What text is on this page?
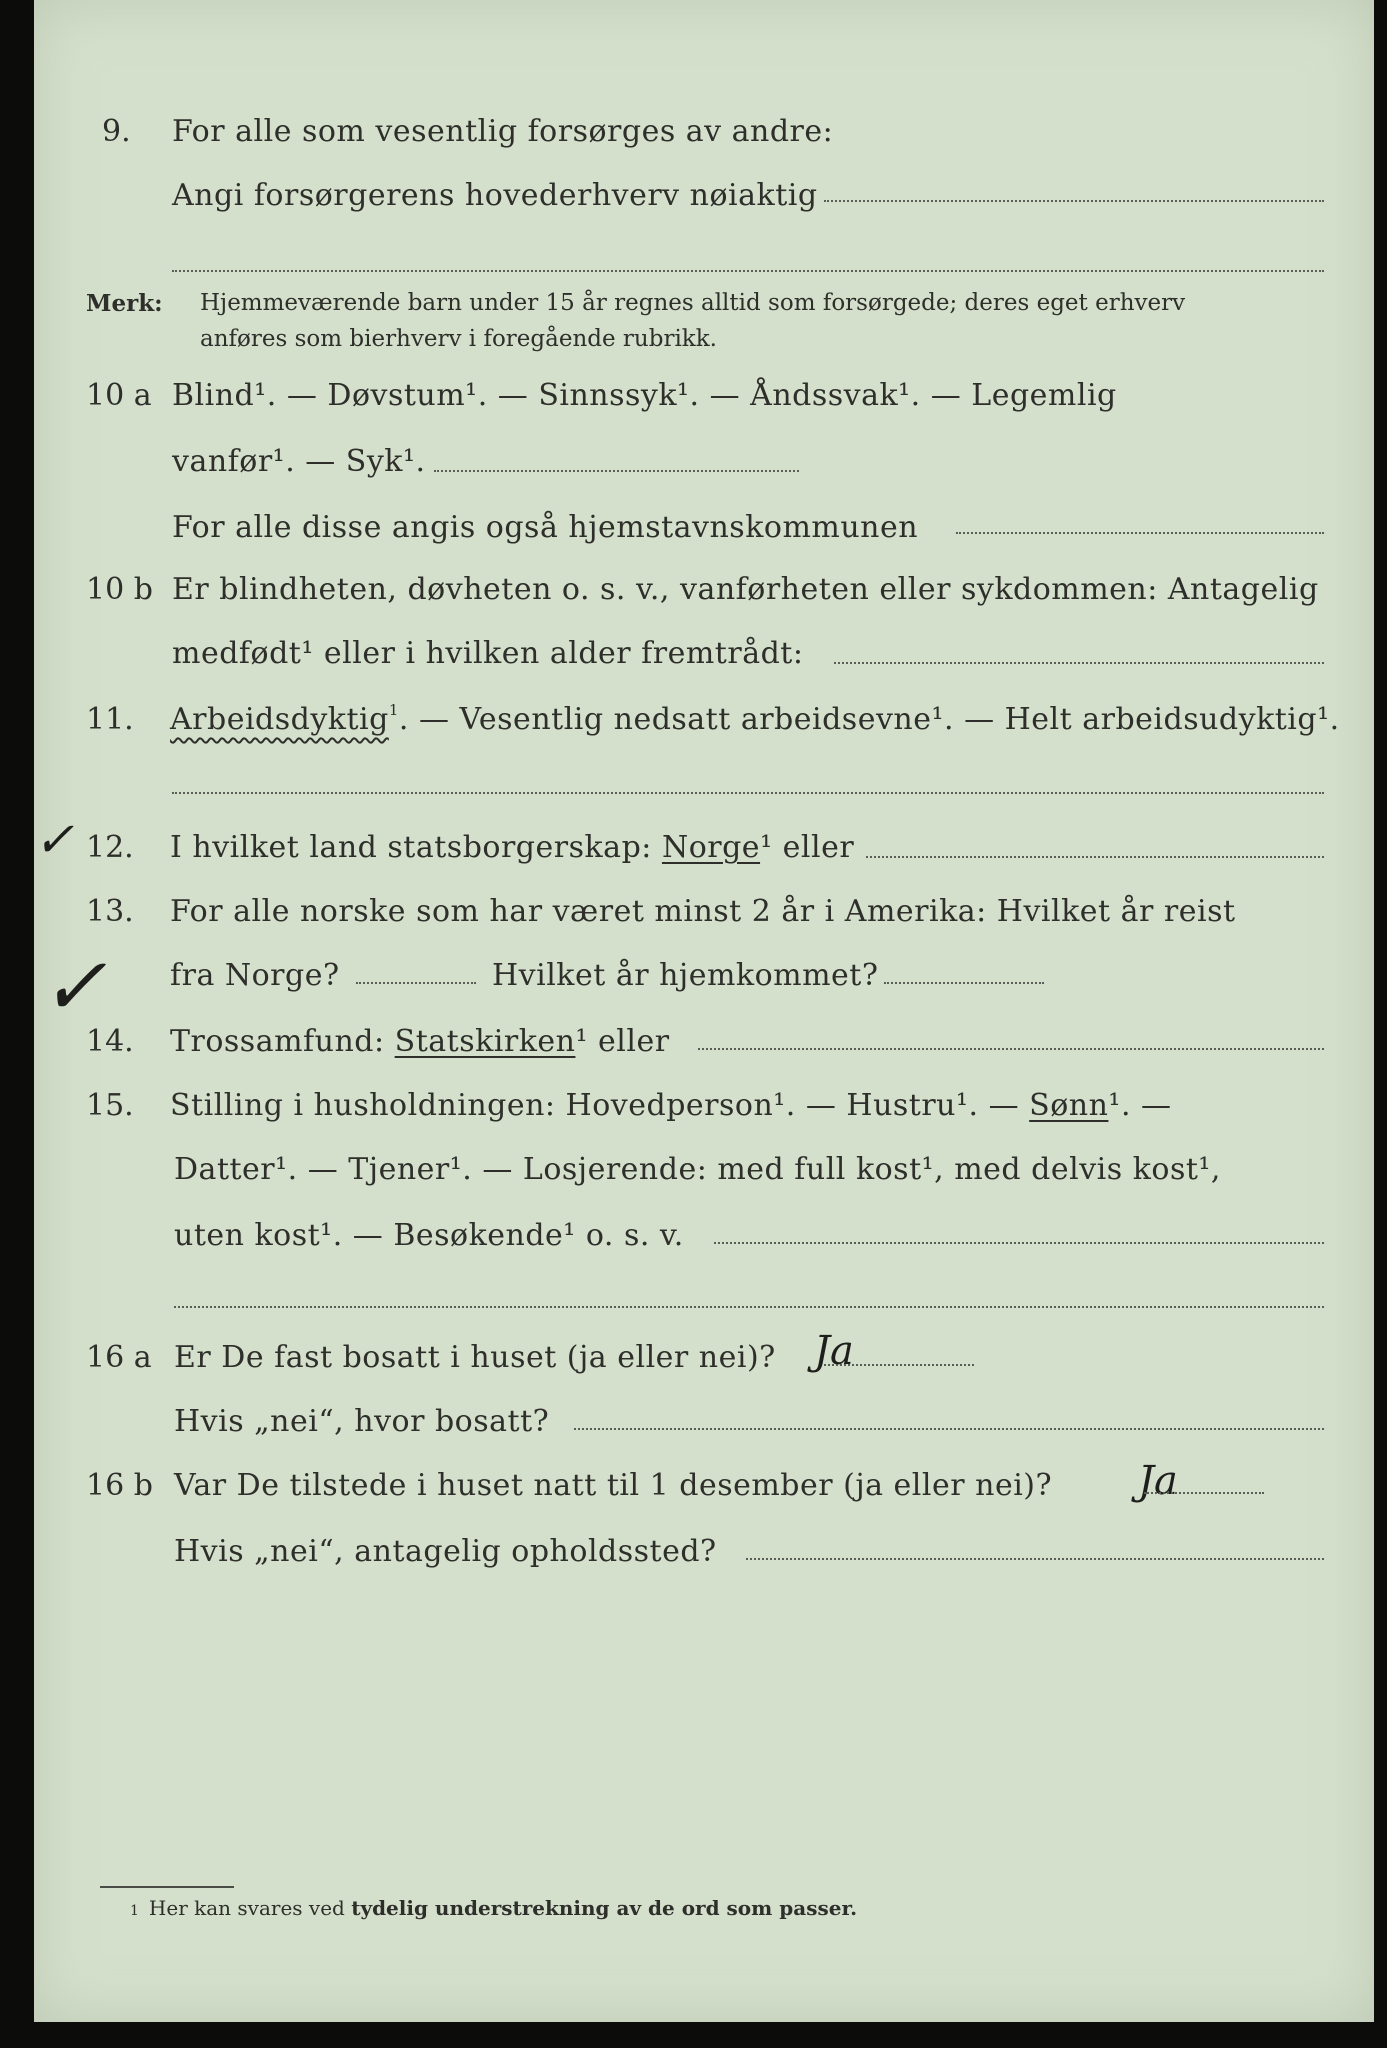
9. For alle som vesentlig forsørges av andre:
Angi forsørgerens hovederhverv nøiaktig
Merk: Hjemmeværende barn under 15 år regnes alltid som forsørgede; deres eget erhverv
anføres som bierhverv i foregående rubrikk.
10 a Blind¹. — Døvstum¹. — Sinnssyk¹. — Åndssvak¹. — Legemlig
vanfør¹. — Syk¹.
For alle disse angis også hjemstavnskommunen
10 b Er blindheten, døvheten o. s. v., vanførheten eller sykdommen: Antagelig
medfødt¹ eller i hvilken alder fremtrådt:
11. Arbeidsdyktig$^1$. — Vesentlig nedsatt arbeidsevne¹. — Helt arbeidsudyktig¹.
✓ 12. I hvilket land statsborgerskap: Norge¹ eller
13. For alle norske som har været minst 2 år i Amerika: Hvilket år reist
✓ fra Norge?	Hvilket år hjemkommet?
14. Trossamfund: Statskirken¹ eller
15. Stilling i husholdningen: Hovedperson¹. — Hustru¹. — Sønn¹. —
Datter¹. — Tjener¹. — Losjerende: med full kost¹, med delvis kost¹,
uten kost¹. — Besøkende¹ o. s. v.
16 a Er De fast bosatt i huset (ja eller nei)? Ja
Hvis „nei“, hvor bosatt?
16 b Var De tilstede i huset natt til 1 desember (ja eller nei)? Ja
Hvis „nei“, antagelig opholdssted?
1 Her kan svares ved tydelig understrekning av de ord som passer.
